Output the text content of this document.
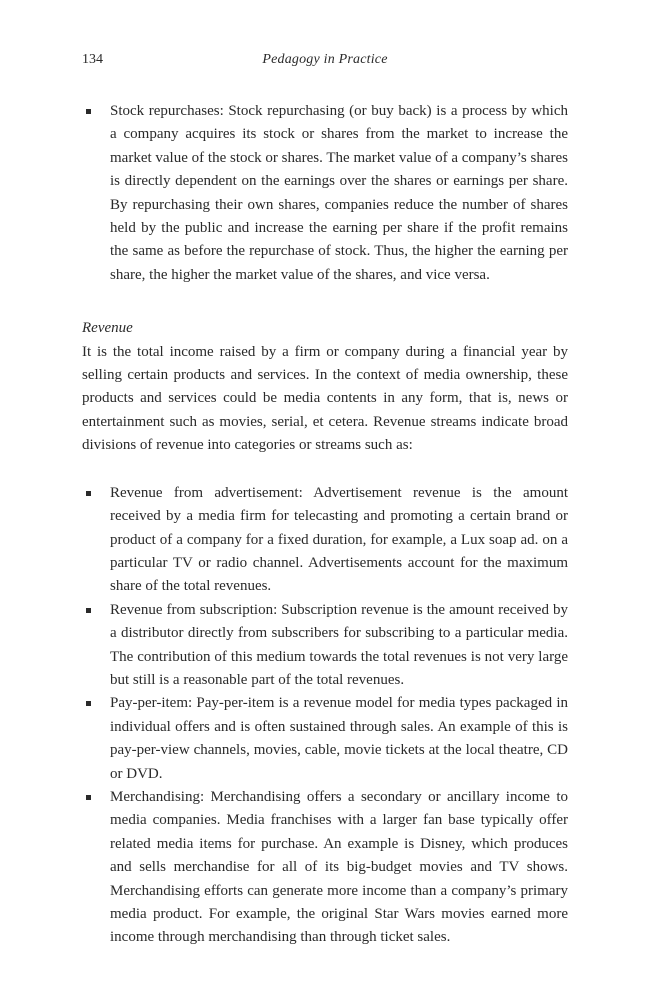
134	Pedagogy in Practice
Stock repurchases: Stock repurchasing (or buy back) is a process by which a company acquires its stock or shares from the market to increase the market value of the stock or shares. The market value of a company’s shares is directly dependent on the earnings over the shares or earnings per share. By repurchasing their own shares, companies reduce the number of shares held by the public and increase the earning per share if the profit remains the same as before the repurchase of stock. Thus, the higher the earning per share, the higher the market value of the shares, and vice versa.

Revenue

It is the total income raised by a firm or company during a financial year by selling certain products and services. In the context of media ownership, these products and services could be media contents in any form, that is, news or entertainment such as movies, serial, et cetera. Revenue streams indicate broad divisions of revenue into categories or streams such as:

Revenue from advertisement: Advertisement revenue is the amount received by a media firm for telecasting and promoting a certain brand or product of a company for a fixed duration, for example, a Lux soap ad. on a particular TV or radio channel. Advertisements account for the maximum share of the total revenues.
Revenue from subscription: Subscription revenue is the amount received by a distributor directly from subscribers for subscribing to a particular media. The contribution of this medium towards the total revenues is not very large but still is a reasonable part of the total revenues.
Pay-per-item: Pay-per-item is a revenue model for media types packaged in individual offers and is often sustained through sales. An example of this is pay-per-view channels, movies, cable, movie tickets at the local theatre, CD or DVD.
Merchandising: Merchandising offers a secondary or ancillary income to media companies. Media franchises with a larger fan base typically offer related media items for purchase. An example is Disney, which produces and sells merchandise for all of its big-budget movies and TV shows. Merchandising efforts can generate more income than a company’s primary media product. For example, the original Star Wars movies earned more income through merchandising than through ticket sales.
